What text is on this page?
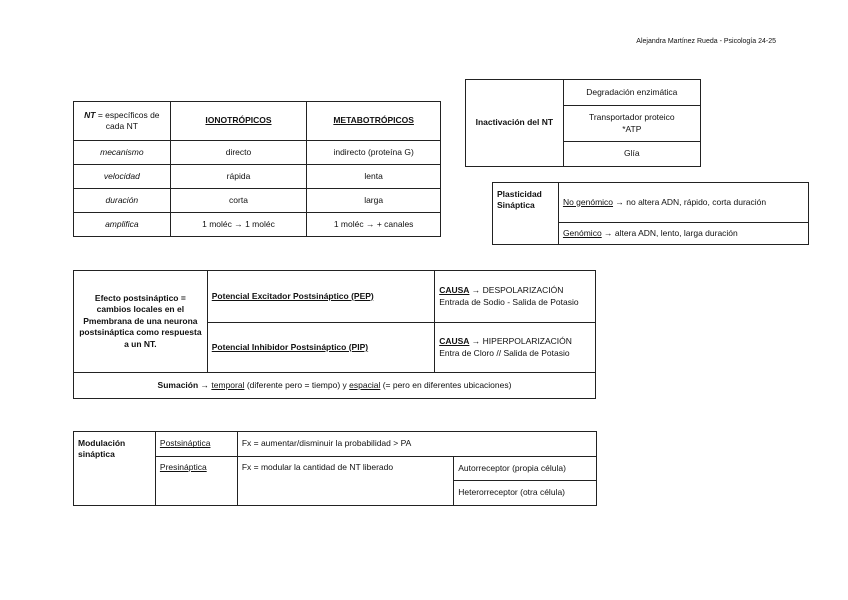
Alejandra Martínez Rueda - Psicología 24-25
NT = específicos de cada NT	IONOTRÓPICOS	METABOTRÓPICOS
mecanismo	directo	indirecto (proteína G)
velocidad	rápida	lenta
duración	corta	larga
amplifica	1 moléc → 1 moléc	1 moléc → + canales
Inactivación del NT	Degradación enzimática

Transportador proteico
*ATP

Glía
Plasticidad Sináptica	No genómico → no altera ADN, rápido, corta duración
Genómico → altera ADN, lento, larga duración
Efecto postsináptico = cambios locales en el Pmembrana de una neurona postsináptica como respuesta a un NT.	Potencial Excitador Postsináptico (PEP)	CAUSA → DESPOLARIZACIÓN
Entrada de Sodio - Salida de Potasio

	Potencial Inhibidor Postsináptico (PIP)	CAUSA → HIPERPOLARIZACIÓN
Entra de Cloro // Salida de Potasio

Sumación → temporal (diferente pero = tiempo) y espacial (= pero en diferentes ubicaciones)		
Modulación sináptica	Postsináptica	Fx = aumentar/disminuir la probabilidad > PA	
	Presináptica	Fx = modular la cantidad de NT liberado	Autorreceptor (propia célula)
			Heterorreceptor (otra célula)
